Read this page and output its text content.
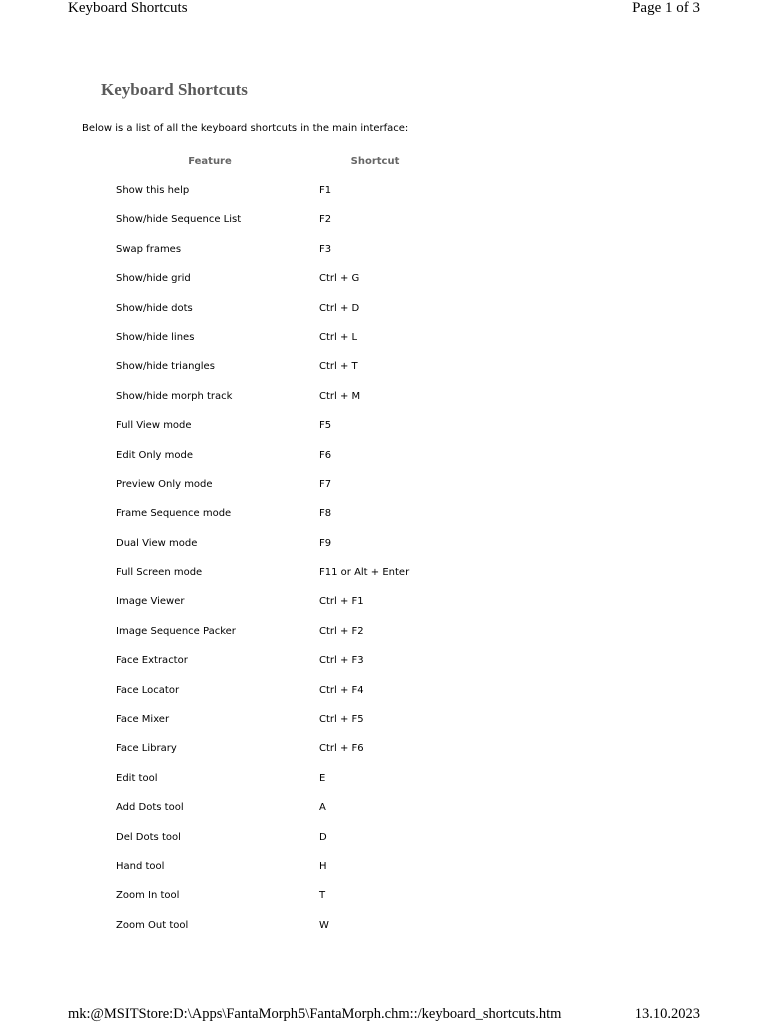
Keyboard Shortcuts	Page 1 of 3
Keyboard Shortcuts

Below is a list of all the keyboard shortcuts in the main interface:

Feature	Shortcut
Show this help	F1
Show/hide Sequence List	F2
Swap frames	F3
Show/hide grid	Ctrl + G
Show/hide dots	Ctrl + D
Show/hide lines	Ctrl + L
Show/hide triangles	Ctrl + T
Show/hide morph track	Ctrl + M
Full View mode	F5
Edit Only mode	F6
Preview Only mode	F7
Frame Sequence mode	F8
Dual View mode	F9
Full Screen mode	F11 or Alt + Enter
Image Viewer	Ctrl + F1
Image Sequence Packer	Ctrl + F2
Face Extractor	Ctrl + F3
Face Locator	Ctrl + F4
Face Mixer	Ctrl + F5
Face Library	Ctrl + F6
Edit tool	E
Add Dots tool	A
Del Dots tool	D
Hand tool	H
Zoom In tool	T
Zoom Out tool	W
mk:@MSITStore:D:\Apps\FantaMorph5\FantaMorph.chm::/keyboard_shortcuts.htm	13.10.2023
